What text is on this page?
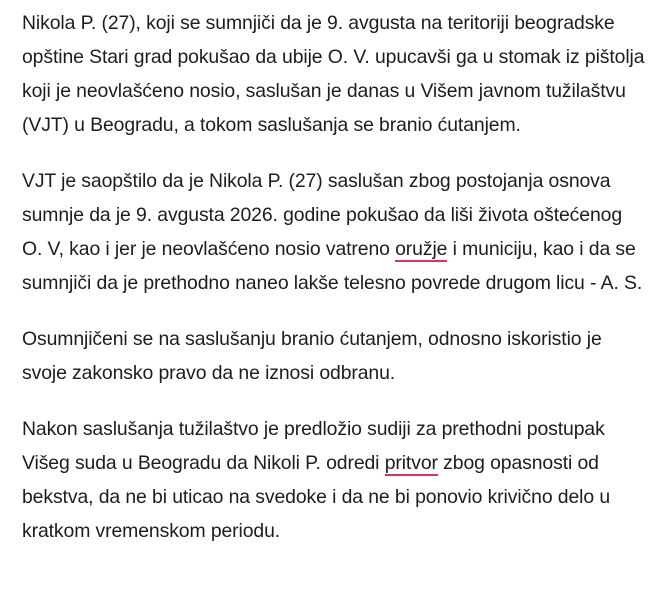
Nikola P. (27), koji se sumnjiči da je 9. avgusta na teritoriji beogradske opštine Stari grad pokušao da ubije O. V. upucavši ga u stomak iz pištolja koji je neovlašćeno nosio, saslušan je danas u Višem javnom tužilaštvu (VJT) u Beogradu, a tokom saslušanja se branio ćutanjem.

VJT je saopštilo da je Nikola P. (27) saslušan zbog postojanja osnova sumnje da je 9. avgusta 2026. godine pokušao da liši života oštećenog O. V, kao i jer je neovlašćeno nosio vatreno oružje i municiju, kao i da se sumnjiči da je prethodno naneo lakše telesno povrede drugom licu - A. S.

Osumnjičeni se na saslušanju branio ćutanjem, odnosno iskoristio je svoje zakonsko pravo da ne iznosi odbranu.

Nakon saslušanja tužilaštvo je predložio sudiji za prethodni postupak Višeg suda u Beogradu da Nikoli P. odredi pritvor zbog opasnosti od bekstva, da ne bi uticao na svedoke i da ne bi ponovio krivično delo u kratkom vremenskom periodu.
